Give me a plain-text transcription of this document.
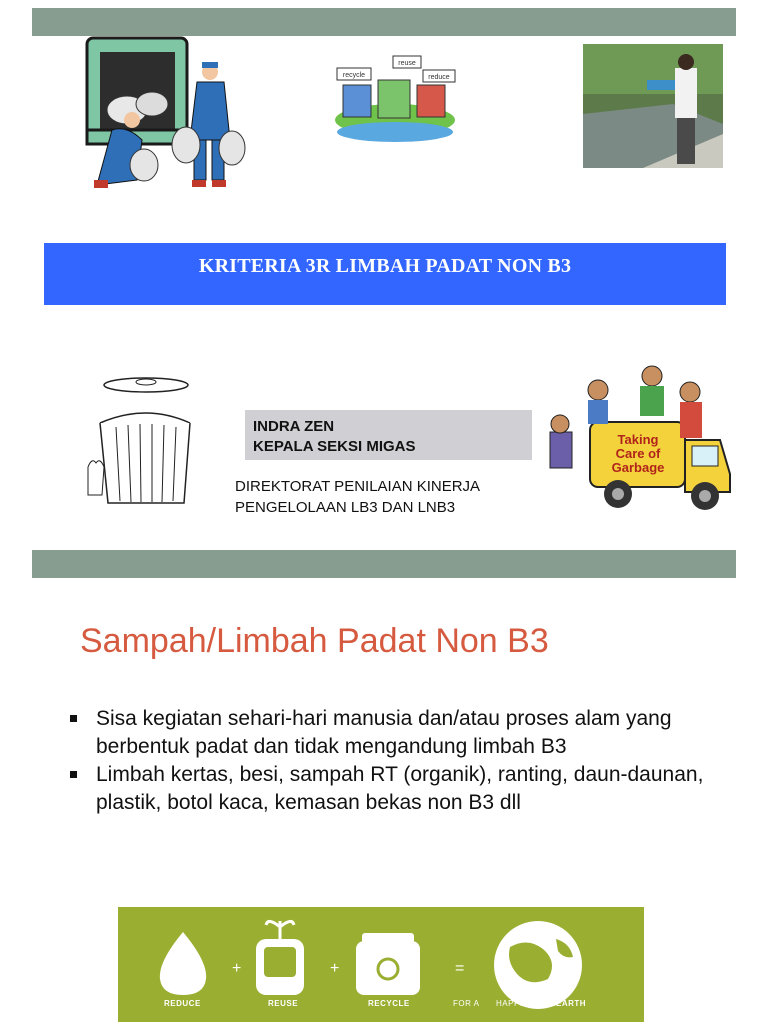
recycle
reuse
reduce
KRITERIA 3R LIMBAH PADAT NON B3
INDRA ZEN
KEPALA SEKSI MIGAS
DIREKTORAT PENILAIAN KINERJA
PENGELOLAAN LB3 DAN LNB3
Taking
Care of
Garbage
Sampah/Limbah Padat Non B3
Sisa kegiatan sehari-hari manusia dan/atau proses alam yang berbentuk padat dan tidak mengandung limbah B3
Limbah kertas, besi, sampah RT (organik), ranting, daun-daunan, plastik, botol kaca, kemasan bekas non B3 dll
+	+	=
REDUCE	REUSE	RECYCLE	FOR A HAPPIER	EARTH
